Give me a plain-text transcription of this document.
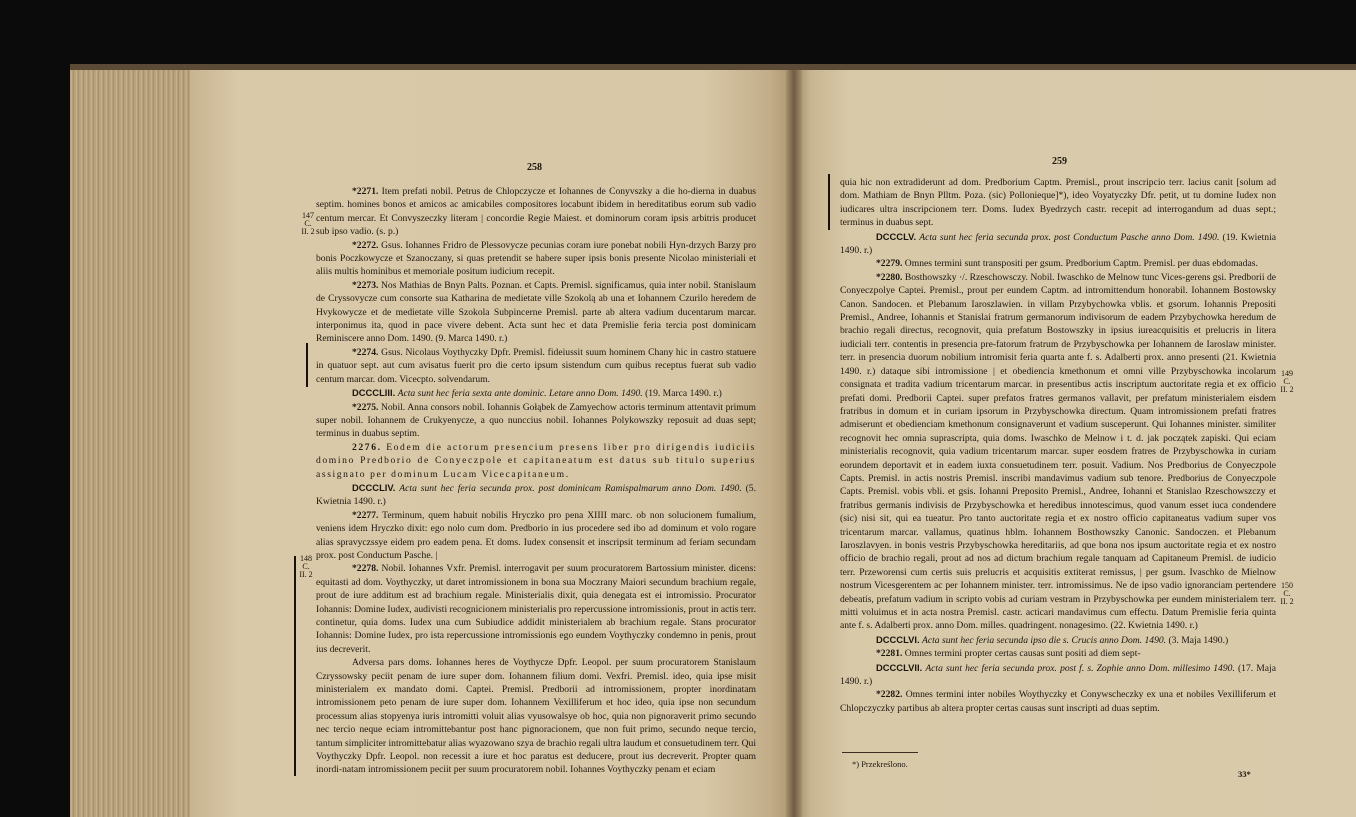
258
147
C.
II. 2
148
C.
II. 2

*2271. Item prefati nobil. Petrus de Chlopczycze et Iohannes de Conyvszky a die ho-dierna in duabus septim. homines bonos et amicos ac amicabiles compositores locabunt ibidem in hereditatibus eorum sub vadio centum mercar. Et Convyszeczky literam | concordie Regie Maiest. et dominorum coram ipsis arbitris producet sub ipso vadio. (s. p.)

*2272. Gsus. Iohannes Fridro de Plessovycze pecunias coram iure ponebat nobili Hyn-drzych Barzy pro bonis Poczkowycze et Szanoczany, si quas pretendit se habere super ipsis bonis presente Nicolao ministeriali et aliis multis hominibus et memoriale positum iudicium recepit.

*2273. Nos Mathias de Bnyn Palts. Poznan. et Capts. Premisl. significamus, quia inter nobil. Stanislaum de Cryssovycze cum consorte sua Katharina de medietate ville Szokolą ab una et Iohannem Czurilo heredem de Hvykowycze et de medietate ville Szokola Subpincerne Premisl. parte ab altera vadium ducentarum marcar. interponimus ita, quod in pace vivere debent. Acta sunt hec et data Premislie feria tercia post dominicam Reminiscere anno Dom. 1490. (9. Marca 1490. r.)

*2274. Gsus. Nicolaus Voythyczky Dpfr. Premisl. fideiussit suum hominem Chany hic in castro statuere in quatuor sept. aut cum avisatus fuerit pro die certo ipsum sistendum cum quibus receptus fuerat sub vadio centum marcar. dom. Vicecpto. solvendarum.

DCCCLIII. Acta sunt hec feria sexta ante dominic. Letare anno Dom. 1490. (19. Marca 1490. r.)

*2275. Nobil. Anna consors nobil. Iohannis Gołąbek de Zamyechow actoris terminum attentavit primum super nobil. Iohannem de Crukyenycze, a quo nunccius nobil. Iohannes Polykowszky reposuit ad duas sept; terminus in duabus septim.

2276. Eodem die actorum presencium presens liber pro dirigendis iudiciis domino Predborio de Conyeczpole et capitaneatum est datus sub titulo superius assignato per dominum Lucam Vicecapitaneum.

DCCCLIV. Acta sunt hec feria secunda prox. post dominicam Ramispalmarum anno Dom. 1490. (5. Kwietnia 1490. r.)

*2277. Terminum, quem habuit nobilis Hryczko pro pena XIIII marc. ob non solucionem fumalium, veniens idem Hryczko dixit: ego nolo cum dom. Predborio in ius procedere sed ibo ad dominum et volo rogare alias spravyczssye eidem pro eadem pena. Et doms. Iudex consensit et inscripsit terminum ad feriam secundam prox. post Conductum Pasche. |

*2278. Nobil. Iohannes Vxfr. Premisl. interrogavit per suum procuratorem Bartossium minister. dicens: equitasti ad dom. Voythyczky, ut daret intromissionem in bona sua Moczrany Maiori secundum brachium regale, prout de iure additum est ad brachium regale. Ministerialis dixit, quia denegata est ei intromissio. Procurator Iohannis: Domine Iudex, audivisti recognicionem ministerialis pro repercussione intromissionis, prout in actis terr. continetur, quia doms. Iudex una cum Subiudice addidit ministerialem ab brachium regale. Stans procurator Iohannis: Domine Iudex, pro ista repercussione intromissionis ego eundem Voythyczky condemno in penis, prout ius decreverit.

Adversa pars doms. Iohannes heres de Voythycze Dpfr. Leopol. per suum procuratorem Stanislaum Czryssowsky peciit penam de iure super dom. Iohannem filium domi. Vexfri. Premisl. ideo, quia ipse misit ministerialem ex mandato domi. Captei. Premisl. Predborii ad intromissionem, propter inordinatam intromissionem peto penam de iure super dom. Iohannem Vexilliferum et hoc ideo, quia ipse non secundum processum alias stopyenya iuris intromitti voluit alias vyusowalsye ob hoc, quia non pignoraverit primo secundo nec tercio neque eciam intromittebantur post hanc pignoracionem, que non fuit primo, secundo neque tercio, tantum simpliciter intromittebatur alias wyazowano szya de brachio regali ultra laudum et consuetudinem terr. Qui Voythyczky Dpfr. Leopol. non recessit a iure et hoc paratus est deducere, prout ius decreverit. Propter quam inordi-natam intromissionem peciit per suum procuratorem nobil. Iohannes Voythyczky penam et eciam

259
149
C.
II. 2
150
C.
II. 2

quia hic non extradiderunt ad dom. Predborium Captm. Premisl., prout inscripcio terr. lacius canit [solum ad dom. Mathiam de Bnyn Plltm. Poza. (sic) Pollonieque]*), ideo Voyatyczky Dfr. petit, ut tu domine Iudex non iudicares ultra inscripcionem terr. Doms. Iudex Byedrzych castr. recepit ad interrogandum ad duas sept.; terminus in duabus sept.

DCCCLV. Acta sunt hec feria secunda prox. post Conductum Pasche anno Dom. 1490. (19. Kwietnia 1490. r.)

*2279. Omnes termini sunt transpositi per gsum. Predborium Captm. Premisl. per duas ebdomadas.

*2280. Bosthowszky ·/. Rzeschowsczy. Nobil. Iwaschko de Melnow tunc Vices-gerens gsi. Predborii de Conyeczpolye Captei. Premisl., prout per eundem Captm. ad intromittendum honorabil. Iohannem Bostowsky Canon. Sandocen. et Plebanum Iaroszlawien. in villam Przybychowka vblis. et gsorum. Iohannis Prepositi Premisl., Andree, Iohannis et Stanislai fratrum germanorum indivisorum de eadem Przybychowka heredum de brachio regali directus, recognovit, quia prefatum Bostowszky in ipsius iureacquisitis et prelucris in litera iudiciali terr. contentis in presencia pre-fatorum fratrum de Przybyschowka per Iohannem de Iaroslaw minister. terr. in presencia duorum nobilium intromisit feria quarta ante f. s. Adalberti prox. anno presenti (21. Kwietnia 1490. r.) dataque sibi intromissione | et obediencia kmethonum et omni ville Przybyschowka incolarum consignata et tradita vadium tricentarum marcar. in presentibus actis inscriptum auctoritate regia et ex officio prefati domi. Predborii Captei. super prefatos fratres germanos vallavit, per prefatum ministerialem eisdem fratribus in domum et in curiam ipsorum in Przybyschowka directum. Quam intromissionem prefati fratres admiserunt et obedienciam kmethonum consignaverunt et vadium susceperunt. Qui Iohannes minister. similiter recognovit hec omnia suprascripta, quia doms. Iwaschko de Melnow i t. d. jak początek zapiski. Qui eciam ministerialis recognovit, quia vadium tricentarum marcar. super eosdem fratres de Przybyschowka in curiam eorundem deportavit et in eadem iuxta consuetudinem terr. posuit. Vadium. Nos Predborius de Conyeczpole Capts. Premisl. in actis nostris Premisl. inscribi mandavimus vadium sub tenore. Predborius de Conyeczpole Capts. Premisl. vobis vbli. et gsis. Iohanni Preposito Premisl., Andree, Iohanni et Stanislao Rzeschowszczy et fratribus germanis indivisis de Przybyschowka et heredibus innotescimus, quod vanum esset iuca condendere (sic) nisi sit, qui ea tueatur. Pro tanto auctoritate regia et ex nostro officio capitaneatus vadium super vos tricentarum marcar. vallamus, quatinus hblm. Iohannem Bosthowszky Canonic. Sandoczen. et Plebanum Iaroszlavyen. in bonis vestris Przybyschowka hereditariis, ad que bona nos ipsum auctoritate regia et ex nostro officio de brachio regali, prout ad nos ad dictum brachium regale tanquam ad Capitaneum Premisl. de iudicio terr. Przeworensi cum certis suis prelucris et acquisitis extiterat remissus, | per gsum. Ivaschko de Mielnow nostrum Vicesgerentem ac per Iohannem minister. terr. intromissimus. Ne de ipso vadio ignoranciam pertendere debeatis, prefatum vadium in scripto vobis ad curiam vestram in Przybyschowka per eundem ministerialem terr. mitti voluimus et in acta nostra Premisl. castr. acticari mandavimus cum effectu. Datum Premislie feria quinta ante f. s. Adalberti prox. anno Dom. milles. quadringent. nonagesimo. (22. Kwietnia 1490. r.)

DCCCLVI. Acta sunt hec feria secunda ipso die s. Crucis anno Dom. 1490. (3. Maja 1490.)

*2281. Omnes termini propter certas causas sunt positi ad diem sept-

DCCCLVII. Acta sunt hec feria secunda prox. post f. s. Zophie anno Dom. millesimo 1490. (17. Maja 1490. r.)

*2282. Omnes termini inter nobiles Woythyczky et Conywscheczky ex una et nobiles Vexilliferum et Chlopczyczky partibus ab altera propter certas causas sunt inscripti ad duas septim.

*) Przekreślono.
33*
